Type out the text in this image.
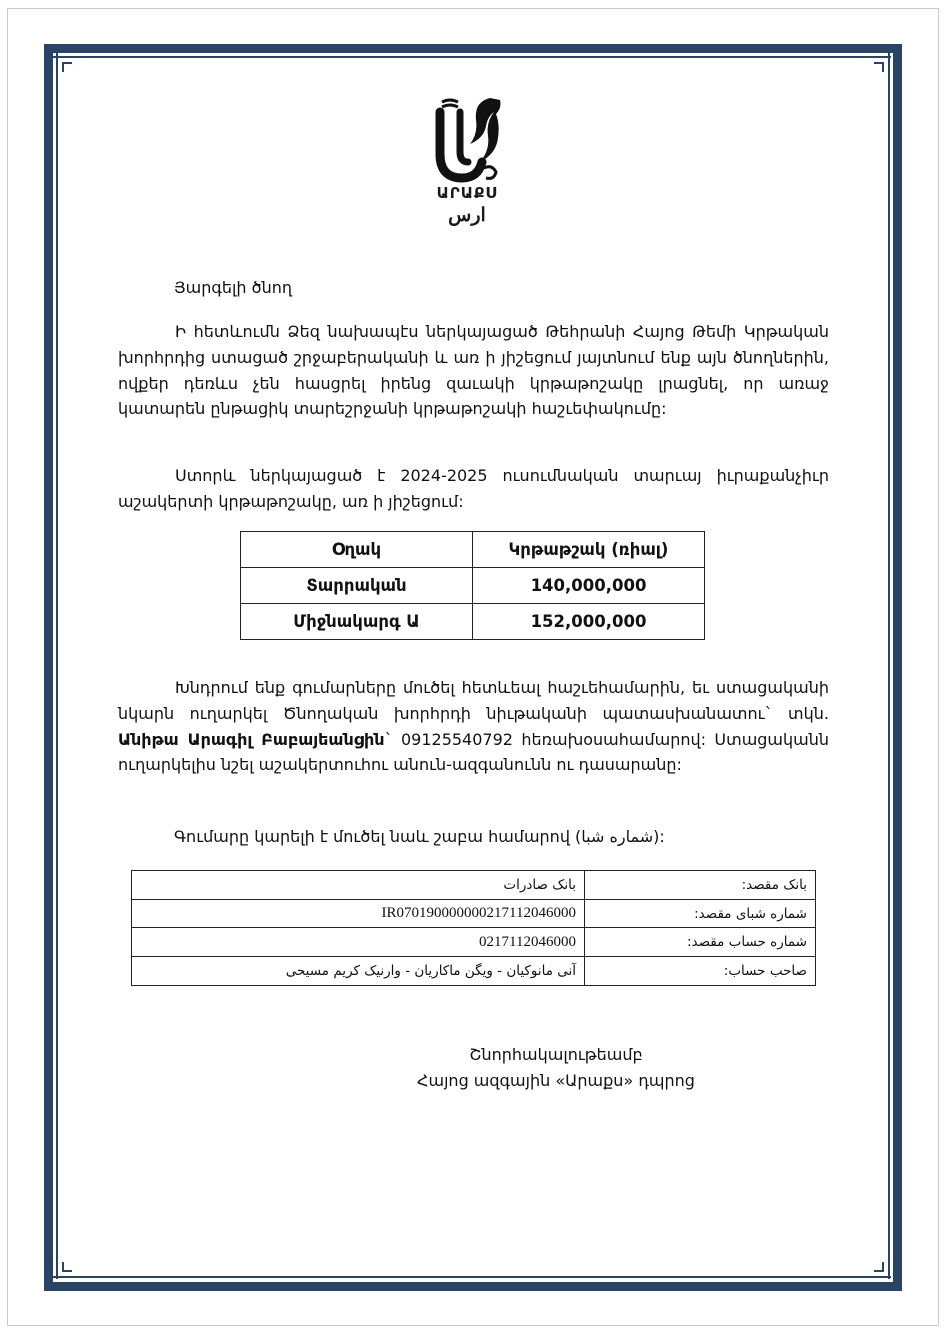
ԱՐԱՔՍ
ارس
Յարգելի ծնող
Ի հետևումն Ձեզ նախապէս ներկայացած Թեհրանի Հայոց Թեմի Կրթական խորհրդից ստացած շրջաբերականի և առ ի յիշեցում յայտնում ենք այն ծնողներին, ովքեր դեռևս չեն հասցրել իրենց զաւակի կրթաթոշակը լրացնել, որ առաջ կատարեն ընթացիկ տարեշրջանի կրթաթոշակի հաշւեփակումը:
Ստորև ներկայացած է 2024-2025 ուսումնական տարւայ իւրաքանչիւր աշակերտի կրթաթոշակը, առ ի յիշեցում:
Օղակ	Կրթաթշակ (ռիալ)
Տարրական	140,000,000
Միջնակարգ Ա	152,000,000
Խնդրում ենք գումարները մուծել հետևեալ հաշւեհամարին, եւ ստացականի նկարն ուղարկել Ծնողական խորհրդի նիւթականի պատասխանատու` տկն. Անիթա Արագիլ Բաբայեանցին` 09125540792 հեռախօսահամարով: Ստացականն ուղարկելիս նշել աշակերտուհու անուն-ազգանունն ու դասարանը:
Գումարը կարելի է մուծել նաև շաբա համարով (شماره شبا):
بانک مقصد:	بانک صادرات
شماره شبای مقصد:	IR070190000000217112046000
شماره حساب مقصد:	0217112046000
صاحب حساب:	آنی مانوکیان - ویگن ماکاریان - وارنیک کریم مسیحی
Շնորհակալութեամբ
Հայոց ազգային «Արաքս» դպրոց
